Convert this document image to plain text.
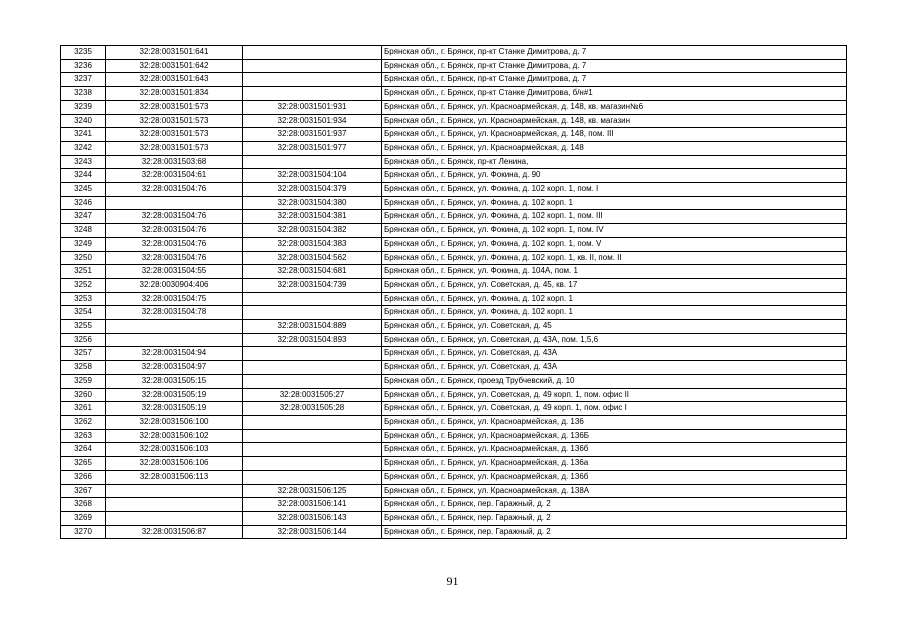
3235	32:28:0031501:641		Брянская обл., г. Брянск, пр-кт Станке Димитрова, д. 7
3236	32:28:0031501:642		Брянская обл., г. Брянск, пр-кт Станке Димитрова, д. 7
3237	32:28:0031501:643		Брянская обл., г. Брянск, пр-кт Станке Димитрова, д. 7
3238	32:28:0031501:834		Брянская обл., г. Брянск, пр-кт Станке Димитрова, б/н#1
3239	32:28:0031501:573	32:28:0031501:931	Брянская обл., г. Брянск, ул. Красноармейская, д. 148, кв. магазин№6
3240	32:28:0031501:573	32:28:0031501:934	Брянская обл., г. Брянск, ул. Красноармейская, д. 148, кв. магазин
3241	32:28:0031501:573	32:28:0031501:937	Брянская обл., г. Брянск, ул. Красноармейская, д. 148, пом. III
3242	32:28:0031501:573	32:28:0031501:977	Брянская обл., г. Брянск, ул. Красноармейская, д. 148
3243	32:28:0031503:68		Брянская обл., г. Брянск, пр-кт Ленина,
3244	32:28:0031504:61	32:28:0031504:104	Брянская обл., г. Брянск, ул. Фокина, д. 90
3245	32:28:0031504:76	32:28:0031504:379	Брянская обл., г. Брянск, ул. Фокина, д. 102 корп. 1, пом. I
3246		32:28:0031504:380	Брянская обл., г. Брянск, ул. Фокина, д. 102 корп. 1
3247	32:28:0031504:76	32:28:0031504:381	Брянская обл., г. Брянск, ул. Фокина, д. 102 корп. 1, пом. III
3248	32:28:0031504:76	32:28:0031504:382	Брянская обл., г. Брянск, ул. Фокина, д. 102 корп. 1, пом. IV
3249	32:28:0031504:76	32:28:0031504:383	Брянская обл., г. Брянск, ул. Фокина, д. 102 корп. 1, пом. V
3250	32:28:0031504:76	32:28:0031504:562	Брянская обл., г. Брянск, ул. Фокина, д. 102 корп. 1, кв. II, пом. II
3251	32:28:0031504:55	32:28:0031504:681	Брянская обл., г. Брянск, ул. Фокина, д. 104А, пом. 1
3252	32:28:0030904:406	32:28:0031504:739	Брянская обл., г. Брянск, ул. Советская, д. 45, кв. 17
3253	32:28:0031504:75		Брянская обл., г. Брянск, ул. Фокина, д. 102 корп. 1
3254	32:28:0031504:78		Брянская обл., г. Брянск, ул. Фокина, д. 102 корп. 1
3255		32:28:0031504:889	Брянская обл., г. Брянск, ул. Советская, д. 45
3256		32:28:0031504:893	Брянская обл., г. Брянск, ул. Советская, д. 43А, пом. 1,5,6
3257	32:28:0031504:94		Брянская обл., г. Брянск, ул. Советская, д. 43А
3258	32:28:0031504:97		Брянская обл., г. Брянск, ул. Советская, д. 43А
3259	32:28:0031505:15		Брянская обл., г. Брянск, проезд Трубчевский, д. 10
3260	32:28:0031505:19	32:28:0031505:27	Брянская обл., г. Брянск, ул. Советская, д. 49 корп. 1, пом. офис II
3261	32:28:0031505:19	32:28:0031505:28	Брянская обл., г. Брянск, ул. Советская, д. 49 корп. 1, пом. офис I
3262	32:28:0031506:100		Брянская обл., г. Брянск, ул. Красноармейская, д. 136
3263	32:28:0031506:102		Брянская обл., г. Брянск, ул. Красноармейская, д. 136Б
3264	32:28:0031506:103		Брянская обл., г. Брянск, ул. Красноармейская, д. 136б
3265	32:28:0031506:106		Брянская обл., г. Брянск, ул. Красноармейская, д. 136а
3266	32:28:0031506:113		Брянская обл., г. Брянск, ул. Красноармейская, д. 136б
3267		32:28:0031506:125	Брянская обл., г. Брянск, ул. Красноармейская, д. 138А
3268		32:28:0031506:141	Брянская обл., г. Брянск, пер. Гаражный, д. 2
3269		32:28:0031506:143	Брянская обл., г. Брянск, пер. Гаражный, д. 2
3270	32:28:0031506:87	32:28:0031506:144	Брянская обл., г. Брянск, пер. Гаражный, д. 2
91
